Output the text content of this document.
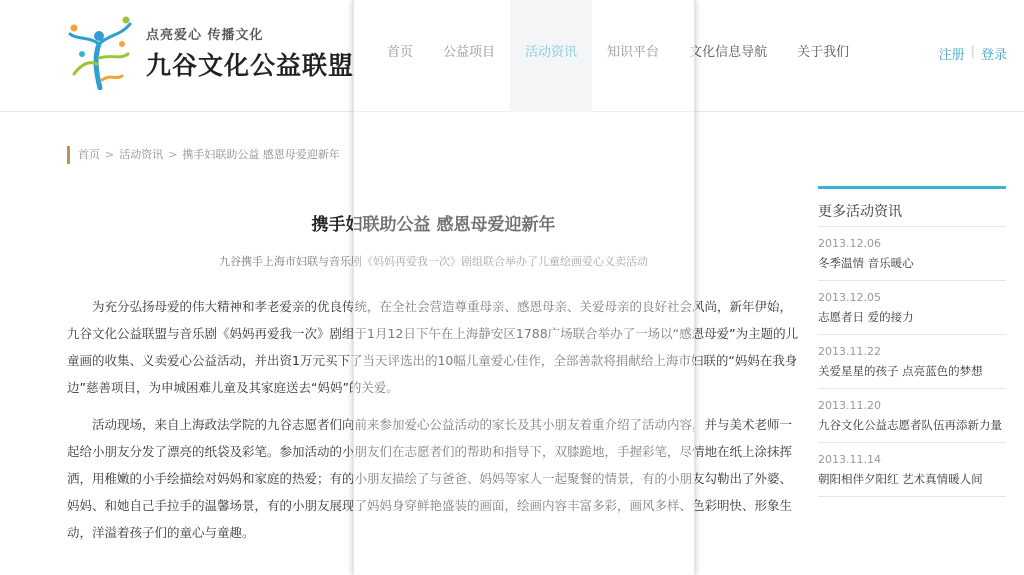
点亮爱心 传播文化
九谷文化公益联盟	首页	公益项目	活动资讯	知识平台	文化信息导航	关于我们	注册 | 登录
首页 > 活动资讯 > 携手妇联助公益 感恩母爱迎新年
携手妇联助公益 感恩母爱迎新年
九谷携手上海市妇联与音乐剧《妈妈再爱我一次》剧组联合举办了儿童绘画爱心义卖活动

为充分弘扬母爱的伟大精神和孝老爱亲的优良传统，在全社会营造尊重母亲、感恩母亲、关爱母亲的良好社会风尚，新年伊始，九谷文化公益联盟与音乐剧《妈妈再爱我一次》剧组于1月12日下午在上海静安区1788广场联合举办了一场以“感恩母爱”为主题的儿童画的收集、义卖爱心公益活动，并出资1万元买下了当天评选出的10幅儿童爱心佳作，全部善款将捐献给上海市妇联的“妈妈在我身边”慈善项目，为申城困难儿童及其家庭送去“妈妈”的关爱。

活动现场，来自上海政法学院的九谷志愿者们向前来参加爱心公益活动的家长及其小朋友着重介绍了活动内容，并与美术老师一起给小朋友分发了漂亮的纸袋及彩笔。参加活动的小朋友们在志愿者们的帮助和指导下，双膝跪地，手握彩笔，尽情地在纸上涂抹挥洒，用稚嫩的小手绘描绘对妈妈和家庭的热爱；有的小朋友描绘了与爸爸、妈妈等家人一起聚餐的情景，有的小朋友勾勒出了外婆、妈妈、和她自己手拉手的温馨场景，有的小朋友展现了妈妈身穿鲜艳盛装的画面，绘画内容丰富多彩，画风多样、色彩明快、形象生动，洋溢着孩子们的童心与童趣。

更多活动资讯
2013.12.06
冬季温情 音乐暖心
2013.12.05
志愿者日 爱的接力
2013.11.22
关爱星星的孩子 点亮蓝色的梦想
2013.11.20
九谷文化公益志愿者队伍再添新力量
2013.11.14
朝阳相伴夕阳红 艺术真情暖人间
